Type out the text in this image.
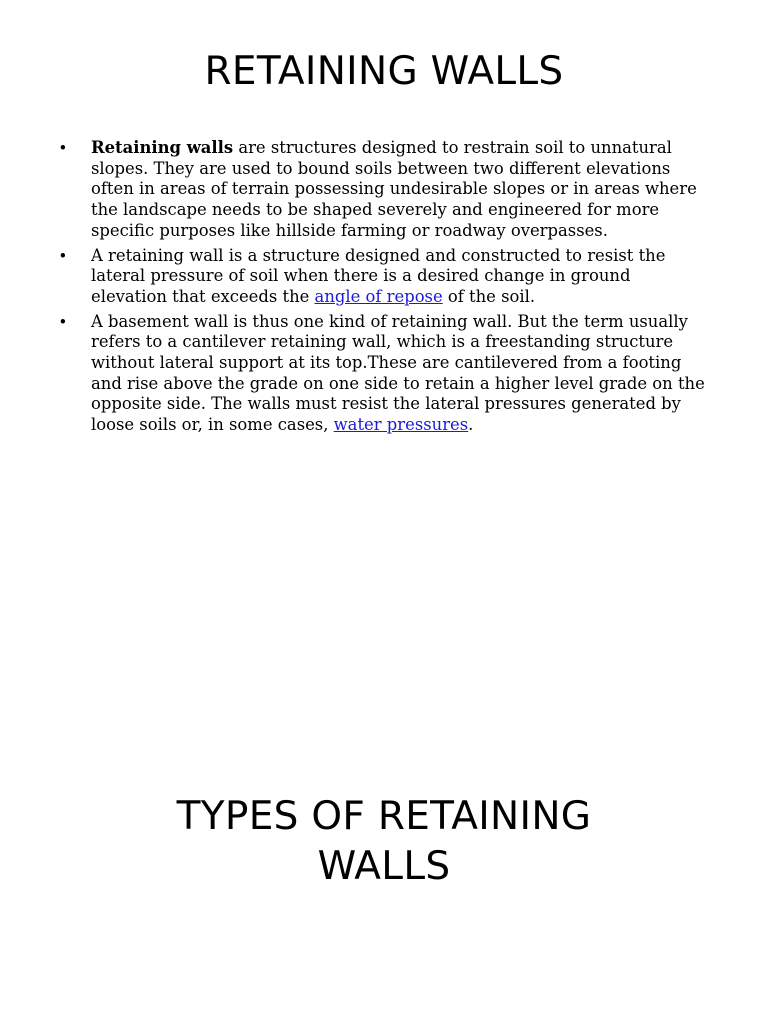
RETAINING WALLS
•	Retaining walls are structures designed to restrain soil to unnatural slopes. They are used to bound soils between two different elevations often in areas of terrain possessing undesirable slopes or in areas where the landscape needs to be shaped severely and engineered for more specific purposes like hillside farming or roadway overpasses.
•	A retaining wall is a structure designed and constructed to resist the lateral pressure of soil when there is a desired change in ground elevation that exceeds the angle of repose of the soil.
•	A basement wall is thus one kind of retaining wall. But the term usually refers to a cantilever retaining wall, which is a freestanding structure without lateral support at its top.These are cantilevered from a footing and rise above the grade on one side to retain a higher level grade on the opposite side. The walls must resist the lateral pressures generated by loose soils or, in some cases, water pressures.
TYPES OF RETAINING
WALLS
